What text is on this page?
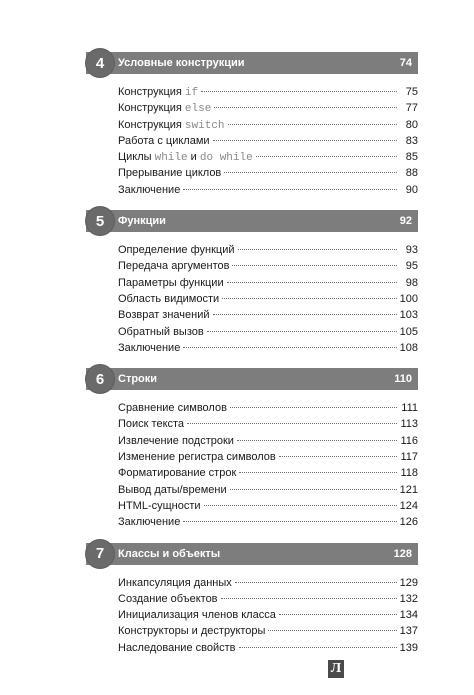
4	Условные конструкции	74
Конструкция if	75
Конструкция else	77
Конструкция switch	80
Работа с циклами	83
Циклы while и do while	85
Прерывание циклов	88
Заключение	90
5	Функции	92
Определение функций	93
Передача аргументов	95
Параметры функции	98
Область видимости	100
Возврат значений	103
Обратный вызов	105
Заключение	108
6	Строки	110
Сравнение символов	111
Поиск текста	113
Извлечение подстроки	116
Изменение регистра символов	117
Форматирование строк	118
Вывод даты/времени	121
HTML-сущности	124
Заключение	126
7	Классы и объекты	128
Инкапсуляция данных	129
Создание объектов	132
Инициализация членов класса	134
Конструкторы и деструкторы	137
Наследование свойств	139
Л
